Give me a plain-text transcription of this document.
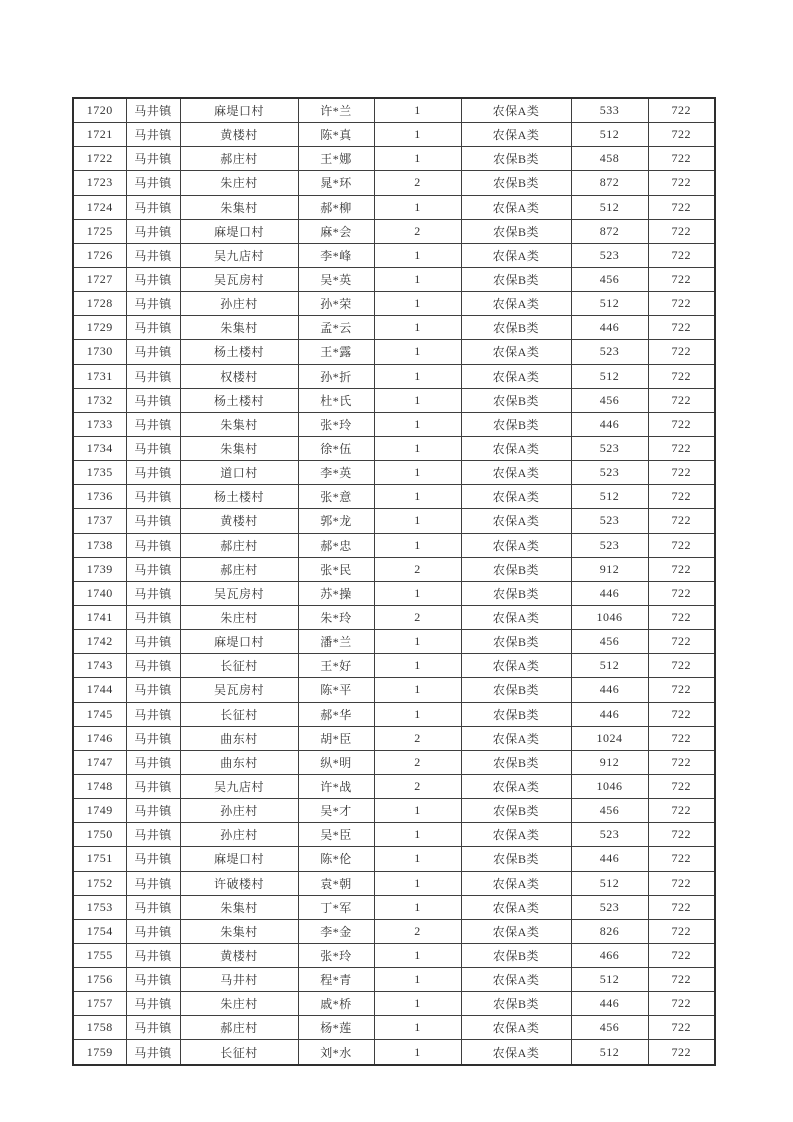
1720	马井镇	麻堤口村	许*兰	1	农保A类	533	722
1721	马井镇	黄楼村	陈*真	1	农保A类	512	722
1722	马井镇	郝庄村	王*娜	1	农保B类	458	722
1723	马井镇	朱庄村	晁*环	2	农保B类	872	722
1724	马井镇	朱集村	郝*柳	1	农保A类	512	722
1725	马井镇	麻堤口村	麻*会	2	农保B类	872	722
1726	马井镇	吴九店村	李*峰	1	农保A类	523	722
1727	马井镇	吴瓦房村	吴*英	1	农保B类	456	722
1728	马井镇	孙庄村	孙*荣	1	农保A类	512	722
1729	马井镇	朱集村	孟*云	1	农保B类	446	722
1730	马井镇	杨土楼村	王*露	1	农保A类	523	722
1731	马井镇	权楼村	孙*折	1	农保A类	512	722
1732	马井镇	杨土楼村	杜*氏	1	农保B类	456	722
1733	马井镇	朱集村	张*玲	1	农保B类	446	722
1734	马井镇	朱集村	徐*伍	1	农保A类	523	722
1735	马井镇	道口村	李*英	1	农保A类	523	722
1736	马井镇	杨土楼村	张*意	1	农保A类	512	722
1737	马井镇	黄楼村	郭*龙	1	农保A类	523	722
1738	马井镇	郝庄村	郝*忠	1	农保A类	523	722
1739	马井镇	郝庄村	张*民	2	农保B类	912	722
1740	马井镇	吴瓦房村	苏*操	1	农保B类	446	722
1741	马井镇	朱庄村	朱*玲	2	农保A类	1046	722
1742	马井镇	麻堤口村	潘*兰	1	农保B类	456	722
1743	马井镇	长征村	王*好	1	农保A类	512	722
1744	马井镇	吴瓦房村	陈*平	1	农保B类	446	722
1745	马井镇	长征村	郝*华	1	农保B类	446	722
1746	马井镇	曲东村	胡*臣	2	农保A类	1024	722
1747	马井镇	曲东村	纵*明	2	农保B类	912	722
1748	马井镇	吴九店村	许*战	2	农保A类	1046	722
1749	马井镇	孙庄村	吴*才	1	农保B类	456	722
1750	马井镇	孙庄村	吴*臣	1	农保A类	523	722
1751	马井镇	麻堤口村	陈*伦	1	农保B类	446	722
1752	马井镇	许破楼村	袁*朝	1	农保A类	512	722
1753	马井镇	朱集村	丁*军	1	农保A类	523	722
1754	马井镇	朱集村	李*金	2	农保A类	826	722
1755	马井镇	黄楼村	张*玲	1	农保B类	466	722
1756	马井镇	马井村	程*青	1	农保A类	512	722
1757	马井镇	朱庄村	戚*桥	1	农保B类	446	722
1758	马井镇	郝庄村	杨*莲	1	农保A类	456	722
1759	马井镇	长征村	刘*水	1	农保A类	512	722
